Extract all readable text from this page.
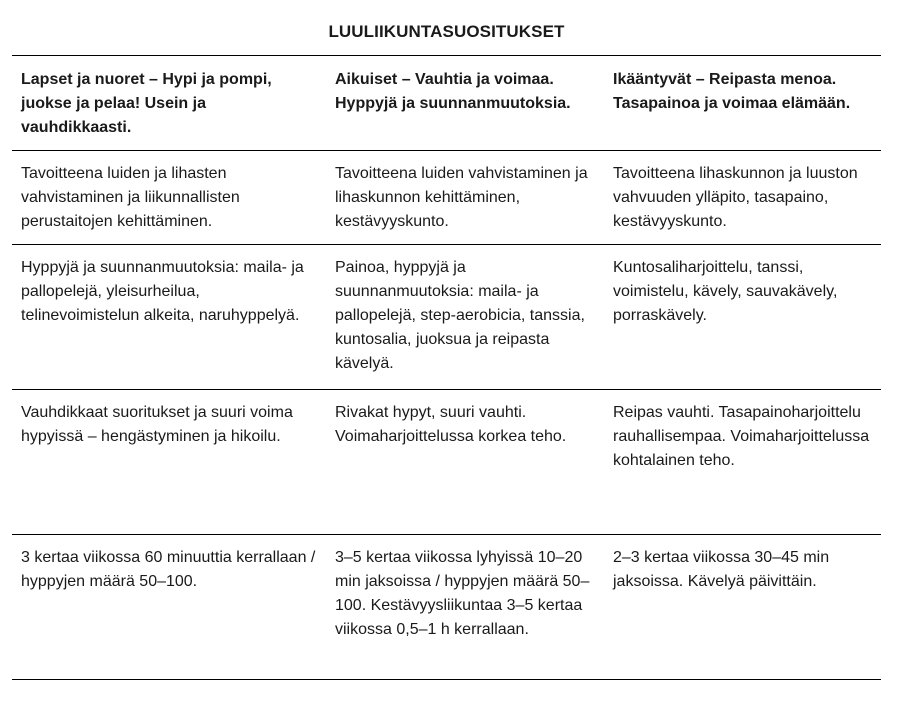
LUULIIKUNTASUOSITUKSET
Lapset ja nuoret – Hypi ja pompi, juokse ja pelaa! Usein ja vauhdikkaasti.	Aikuiset – Vauhtia ja voimaa. Hyppyjä ja suunnanmuutoksia.	Ikääntyvät – Reipasta menoa. Tasapainoa ja voimaa elämään.
Tavoitteena luiden ja lihasten vahvistaminen ja liikunnallisten perustaitojen kehittäminen.	Tavoitteena luiden vahvistaminen ja lihaskunnon kehittäminen, kestävyyskunto.	Tavoitteena lihaskunnon ja luuston vahvuuden ylläpito, tasapaino, kestävyyskunto.
Hyppyjä ja suunnanmuutoksia: maila- ja pallopelejä, yleisurheilua, telinevoimistelun alkeita, naruhyppelyä.	Painoa, hyppyjä ja suunnanmuutoksia: maila- ja pallopelejä, step-aerobicia, tanssia, kuntosalia, juoksua ja reipasta kävelyä.	Kuntosaliharjoittelu, tanssi, voimistelu, kävely, sauvakävely, porraskävely.
Vauhdikkaat suoritukset ja suuri voima hypyissä – hengästyminen ja hikoilu.	Rivakat hypyt, suuri vauhti. Voimaharjoittelussa korkea teho.	Reipas vauhti. Tasapainoharjoittelu rauhallisempaa. Voimaharjoittelussa kohtalainen teho.
3 kertaa viikossa 60 minuuttia kerrallaan / hyppyjen määrä 50–100.	3–5 kertaa viikossa lyhyissä 10–20 min jaksoissa / hyppyjen määrä 50–100. Kestävyysliikuntaa 3–5 kertaa viikossa 0,5–1 h kerrallaan.	2–3 kertaa viikossa 30–45 min jaksoissa. Kävelyä päivittäin.
